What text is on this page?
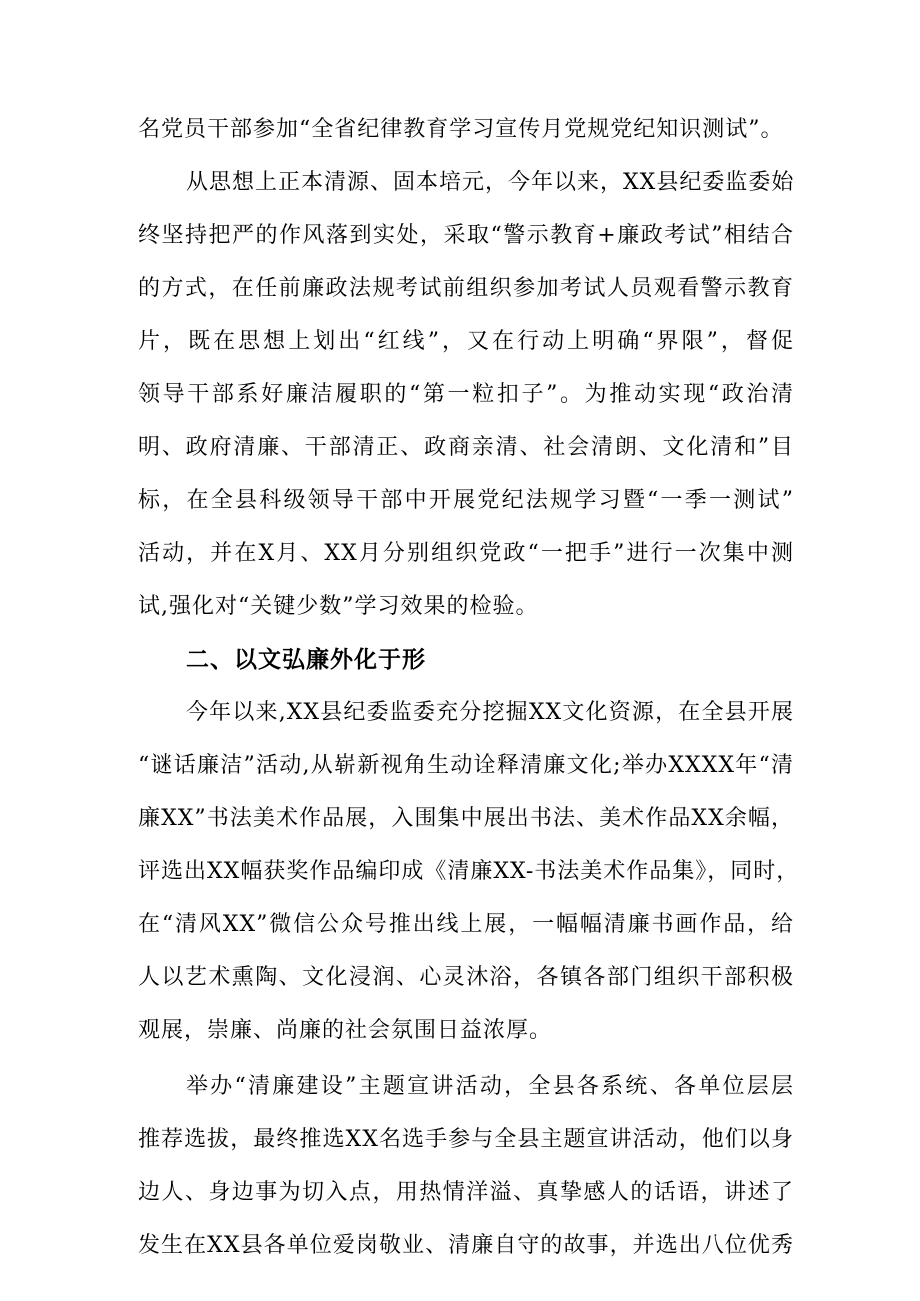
名党员干部参加“全省纪律教育学习宣传月党规党纪知识测试”。
从思想上正本清源、固本培元，今年以来，XX县纪委监委始
终坚持把严的作风落到实处，采取“警示教育+廉政考试”相结合
的方式，在任前廉政法规考试前组织参加考试人员观看警示教育
片，既在思想上划出“红线”，又在行动上明确“界限”，督促
领导干部系好廉洁履职的“第一粒扣子”。为推动实现“政治清
明、政府清廉、干部清正、政商亲清、社会清朗、文化清和”目
标，在全县科级领导干部中开展党纪法规学习暨“一季一测试”
活动，并在X月、XX月分别组织党政“一把手”进行一次集中测
试,强化对“关键少数”学习效果的检验。
二、以文弘廉外化于形
今年以来,XX县纪委监委充分挖掘XX文化资源，在全县开展
“谜话廉洁”活动,从崭新视角生动诠释清廉文化;举办XXXX年“清
廉XX”书法美术作品展，入围集中展出书法、美术作品XX余幅，
评选出XX幅获奖作品编印成《清廉XX-书法美术作品集》，同时，
在“清风XX”微信公众号推出线上展，一幅幅清廉书画作品，给
人以艺术熏陶、文化浸润、心灵沐浴，各镇各部门组织干部积极
观展，崇廉、尚廉的社会氛围日益浓厚。
举办“清廉建设”主题宣讲活动，全县各系统、各单位层层
推荐选拔，最终推选XX名选手参与全县主题宣讲活动，他们以身
边人、身边事为切入点，用热情洋溢、真挚感人的话语，讲述了
发生在XX县各单位爱岗敬业、清廉自守的故事，并选出八位优秀
